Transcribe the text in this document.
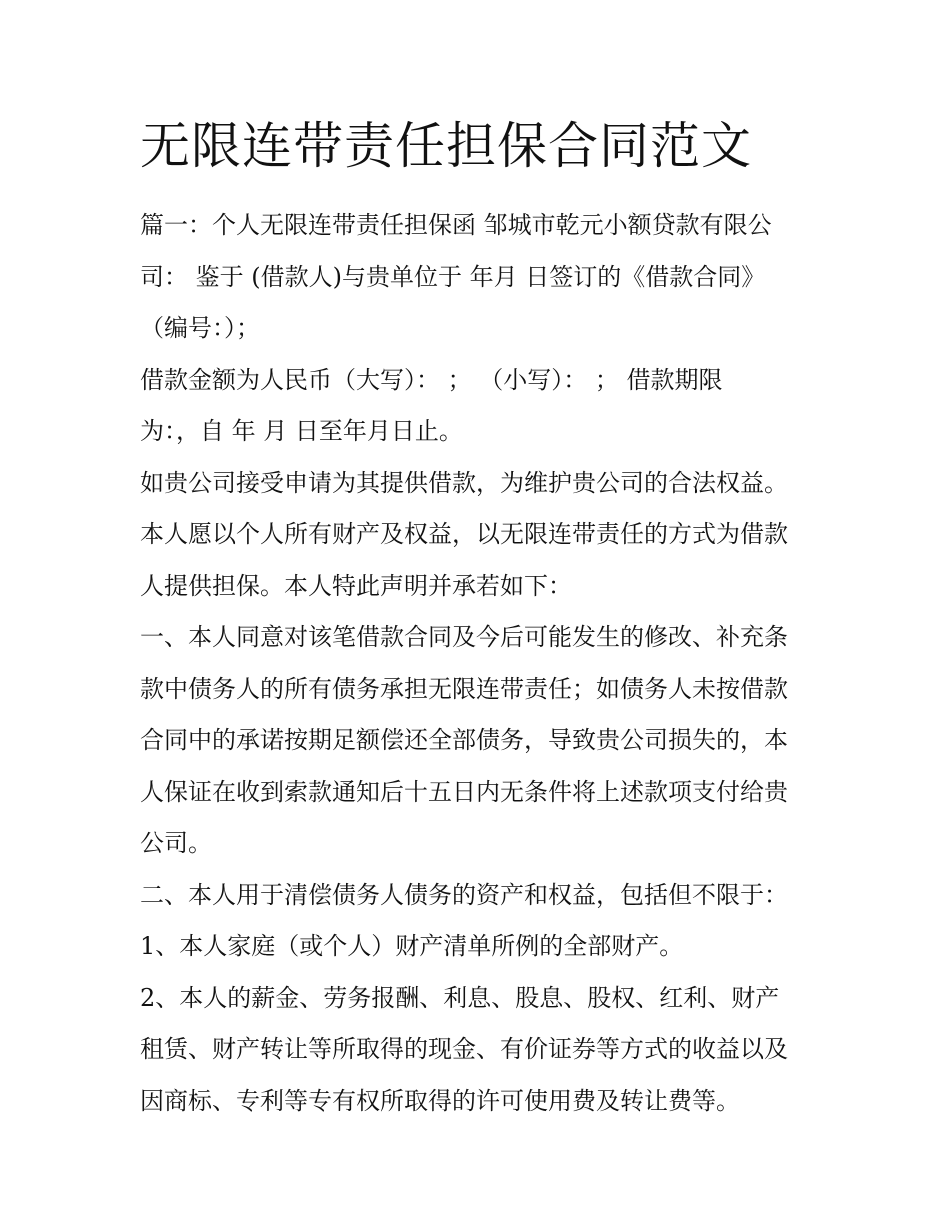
无限连带责任担保合同范文
篇一：个人无限连带责任担保函 邹城市乾元小额贷款有限公
司： 鉴于 (借款人)与贵单位于 年月 日签订的《借款合同》
（编号：）；
借款金额为人民币（大写）： ； （小写）： ； 借款期限
为：，自 年 月 日至年月日止。
如贵公司接受申请为其提供借款，为维护贵公司的合法权益。
本人愿以个人所有财产及权益，以无限连带责任的方式为借款
人提供担保。本人特此声明并承若如下：
一、本人同意对该笔借款合同及今后可能发生的修改、补充条
款中债务人的所有债务承担无限连带责任；如债务人未按借款
合同中的承诺按期足额偿还全部债务，导致贵公司损失的，本
人保证在收到索款通知后十五日内无条件将上述款项支付给贵
公司。
二、本人用于清偿债务人债务的资产和权益，包括但不限于：
1、本人家庭（或个人）财产清单所例的全部财产。
2、本人的薪金、劳务报酬、利息、股息、股权、红利、财产
租赁、财产转让等所取得的现金、有价证券等方式的收益以及
因商标、专利等专有权所取得的许可使用费及转让费等。
